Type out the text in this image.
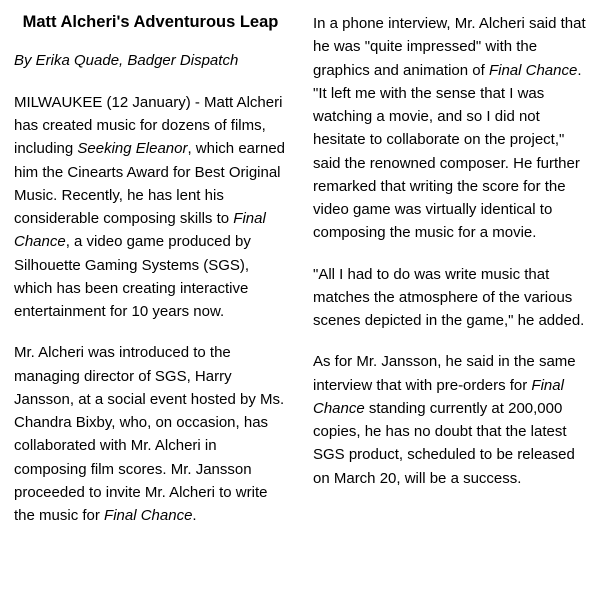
Matt Alcheri's Adventurous Leap
By Erika Quade, Badger Dispatch

MILWAUKEE (12 January) - Matt Alcheri has created music for dozens of films, including Seeking Eleanor, which earned him the Cinearts Award for Best Original Music. Recently, he has lent his considerable composing skills to Final Chance, a video game produced by Silhouette Gaming Systems (SGS), which has been creating interactive entertainment for 10 years now.

Mr. Alcheri was introduced to the managing director of SGS, Harry Jansson, at a social event hosted by Ms. Chandra Bixby, who, on occasion, has collaborated with Mr. Alcheri in composing film scores. Mr. Jansson proceeded to invite Mr. Alcheri to write the music for Final Chance.

In a phone interview, Mr. Alcheri said that he was "quite impressed" with the graphics and animation of Final Chance. "It left me with the sense that I was watching a movie, and so I did not hesitate to collaborate on the project," said the renowned composer. He further remarked that writing the score for the video game was virtually identical to composing the music for a movie.

"All I had to do was write music that matches the atmosphere of the various scenes depicted in the game," he added.

As for Mr. Jansson, he said in the same interview that with pre-orders for Final Chance standing currently at 200,000 copies, he has no doubt that the latest SGS product, scheduled to be released on March 20, will be a success.
